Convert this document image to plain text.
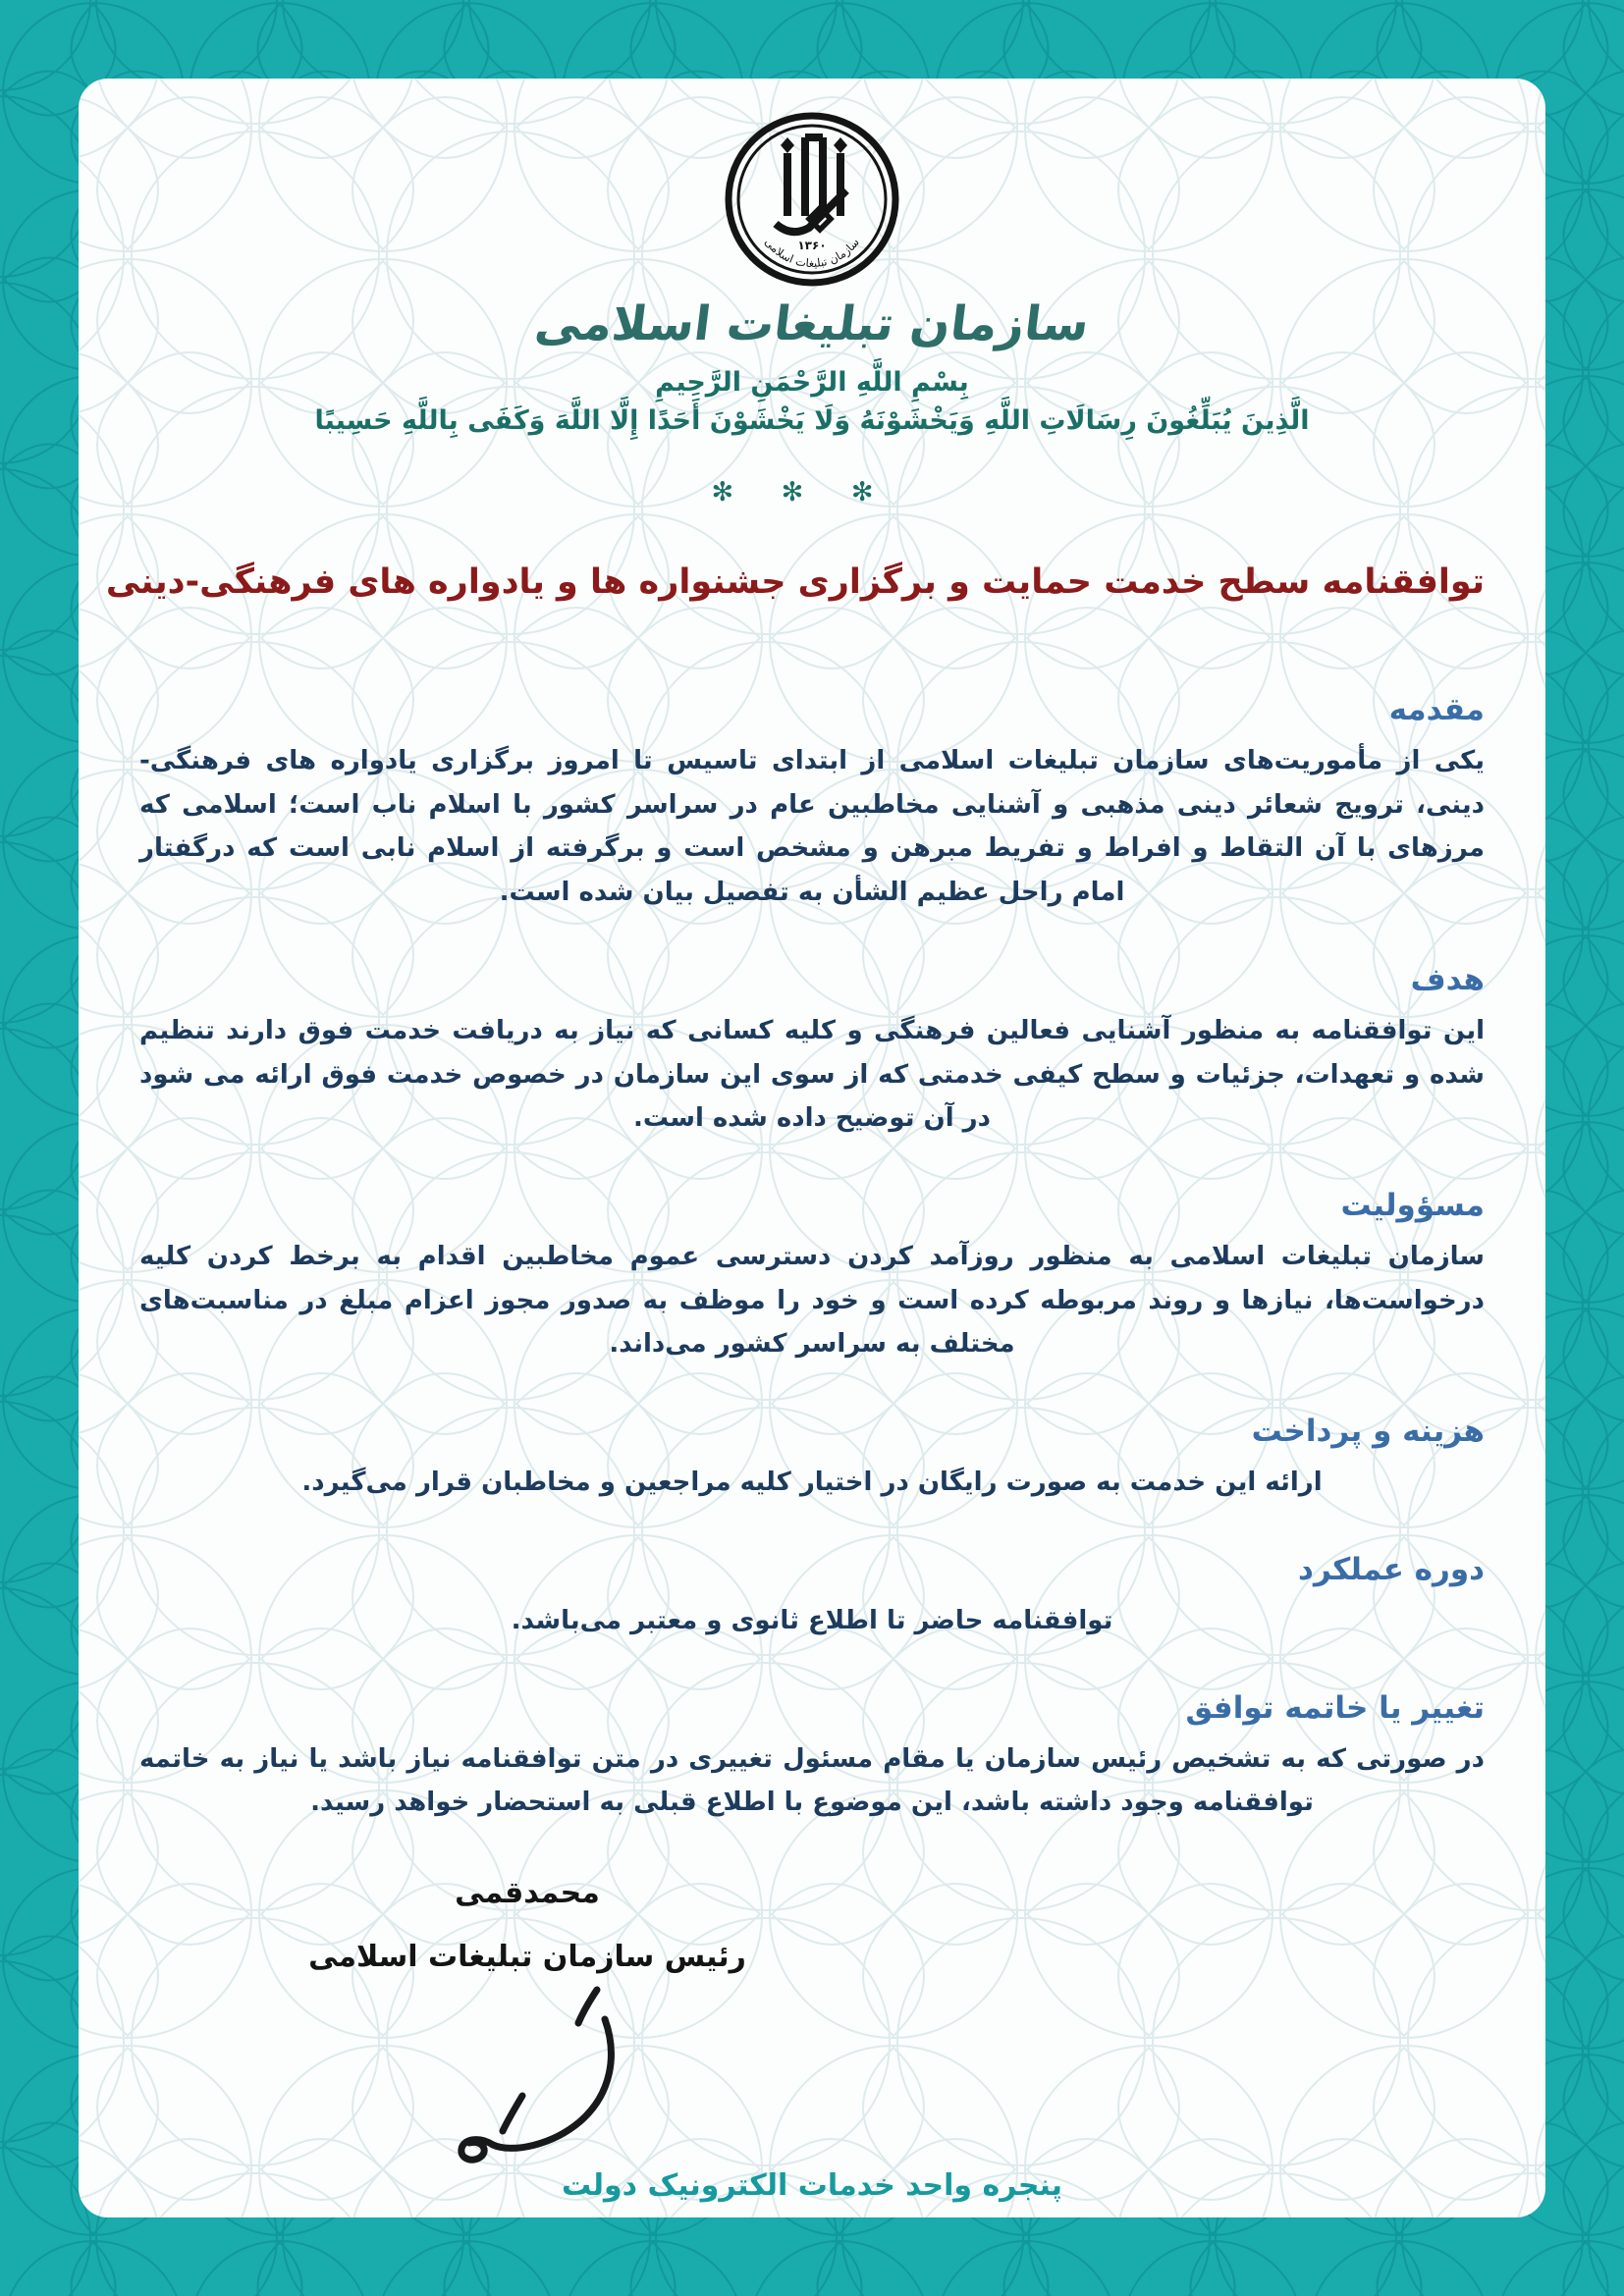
۱۳۶۰
سازمان تبلیغات اسلامی
سازمان تبلیغات اسلامی
بِسْمِ اللَّهِ الرَّحْمَنِ الرَّحِیمِ
الَّذِینَ یُبَلِّغُونَ رِسَالَاتِ اللَّهِ وَیَخْشَوْنَهُ وَلَا یَخْشَوْنَ أَحَدًا إِلَّا اللَّهَ وَکَفَى بِاللَّهِ حَسِیبًا
✻ ✻ ✻
توافقنامه سطح خدمت حمایت و برگزاری جشنواره ها و یادواره های فرهنگی-دینی
مقدمه
یکی از مأموریت‌های سازمان تبلیغات اسلامی از ابتدای تاسیس تا امروز برگزاری یادواره های فرهنگی- دینی، ترویج شعائر دینی مذهبی و آشنایی مخاطبین عام در سراسر کشور با اسلام ناب است؛ اسلامی که مرزهای با آن التقاط و افراط و تفریط مبرهن و مشخص است و برگرفته از اسلام نابی است که درگفتار امام راحل عظیم الشأن به تفصیل بیان شده است.
هدف
این توافقنامه به منظور آشنایی فعالین فرهنگی و کلیه کسانی که نیاز به دریافت خدمت فوق دارند تنظیم شده و تعهدات، جزئیات و سطح کیفی خدمتی که از سوی این سازمان در خصوص خدمت فوق ارائه می شود در آن توضیح داده شده است.
مسؤولیت
سازمان تبلیغات اسلامی به منظور روزآمد کردن دسترسی عموم مخاطبین اقدام به برخط کردن کلیه درخواست‌ها، نیازها و روند مربوطه کرده است و خود را موظف به صدور مجوز اعزام مبلغ در مناسبت‌های مختلف به سراسر کشور می‌داند.
هزینه و پرداخت
ارائه این خدمت به صورت رایگان در اختیار کلیه مراجعین و مخاطبان قرار می‌گیرد.
دوره عملکرد
توافقنامه حاضر تا اطلاع ثانوی و معتبر می‌باشد.
تغییر یا خاتمه توافق
در صورتی که به تشخیص رئیس سازمان یا مقام مسئول تغییری در متن توافقنامه نیاز باشد یا نیاز به خاتمه توافقنامه وجود داشته باشد، این موضوع با اطلاع قبلی به استحضار خواهد رسید.
محمدقمی
رئیس سازمان تبلیغات اسلامی
پنجره واحد خدمات الکترونیک دولت
